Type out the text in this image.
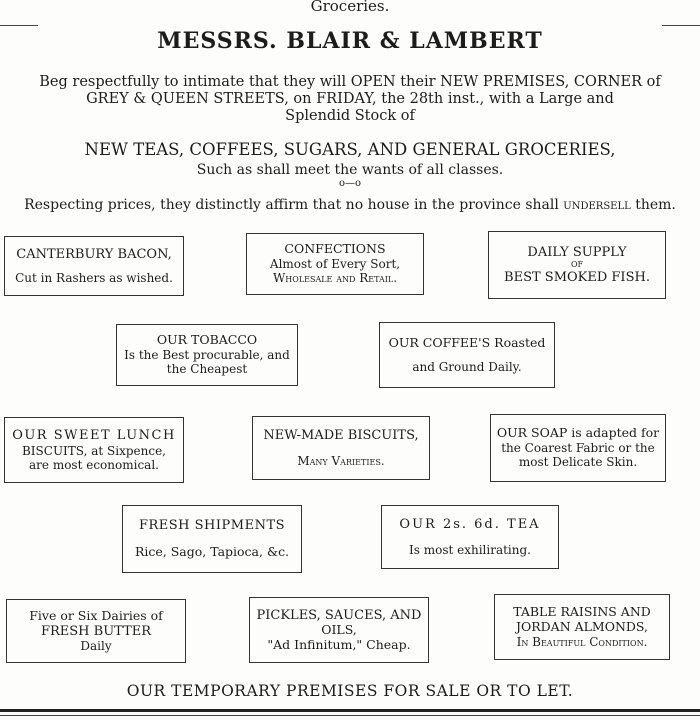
Groceries.
MESSRS. BLAIR & LAMBERT
Beg respectfully to intimate that they will OPEN their NEW PREMISES, CORNER of
GREY & QUEEN STREETS, on FRIDAY, the 28th inst., with a Large and
Splendid Stock of
NEW TEAS, COFFEES, SUGARS, AND GENERAL GROCERIES,
Such as shall meet the wants of all classes.
o—o
Respecting prices, they distinctly affirm that no house in the province shall undersell them.
CANTERBURY BACON,
Cut in Rashers as wished.
CONFECTIONS
Almost of Every Sort,
Wholesale and Retail.
DAILY SUPPLY
OF
BEST SMOKED FISH.
OUR TOBACCO
Is the Best procurable, and
the Cheapest
OUR COFFEE'S Roasted
and Ground Daily.
OUR SWEET LUNCH
BISCUITS, at Sixpence,
are most economical.
NEW-MADE BISCUITS,
Many Varieties.
OUR SOAP is adapted for
the Coarest Fabric or the
most Delicate Skin.
FRESH SHIPMENTS
Rice, Sago, Tapioca, &c.
OUR 2s. 6d. TEA
Is most exhilirating.
Five or Six Dairies of
FRESH BUTTER
Daily
PICKLES, SAUCES, AND
OILS,
"Ad Infinitum," Cheap.
TABLE RAISINS AND
JORDAN ALMONDS,
In Beautiful Condition.
OUR TEMPORARY PREMISES FOR SALE OR TO LET.
